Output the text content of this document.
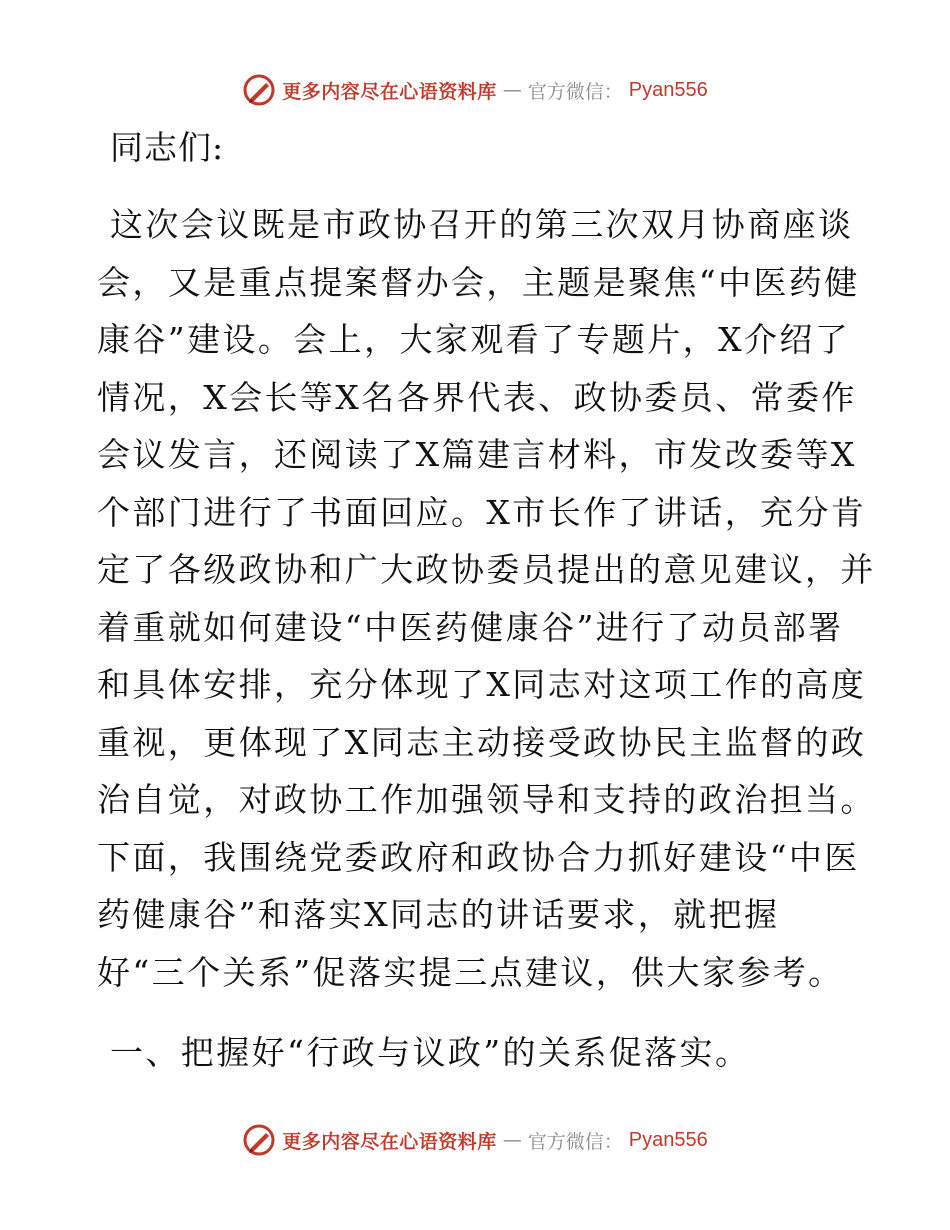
更多内容尽在心语资料库 — 官方微信： Pyan556
同志们:
这次会议既是市政协召开的第三次双月协商座谈
会，又是重点提案督办会，主题是聚焦“中医药健
康谷”建设。会上，大家观看了专题片，X介绍了
情况，X会长等X名各界代表、政协委员、常委作
会议发言，还阅读了X篇建言材料，市发改委等X
个部门进行了书面回应。X市长作了讲话，充分肯
定了各级政协和广大政协委员提出的意见建议，并
着重就如何建设“中医药健康谷”进行了动员部署
和具体安排，充分体现了X同志对这项工作的高度
重视，更体现了X同志主动接受政协民主监督的政
治自觉，对政协工作加强领导和支持的政治担当。
下面，我围绕党委政府和政协合力抓好建设“中医
药健康谷”和落实X同志的讲话要求，就把握
好“三个关系”促落实提三点建议，供大家参考。
一、把握好“行政与议政”的关系促落实。
更多内容尽在心语资料库 — 官方微信： Pyan556
